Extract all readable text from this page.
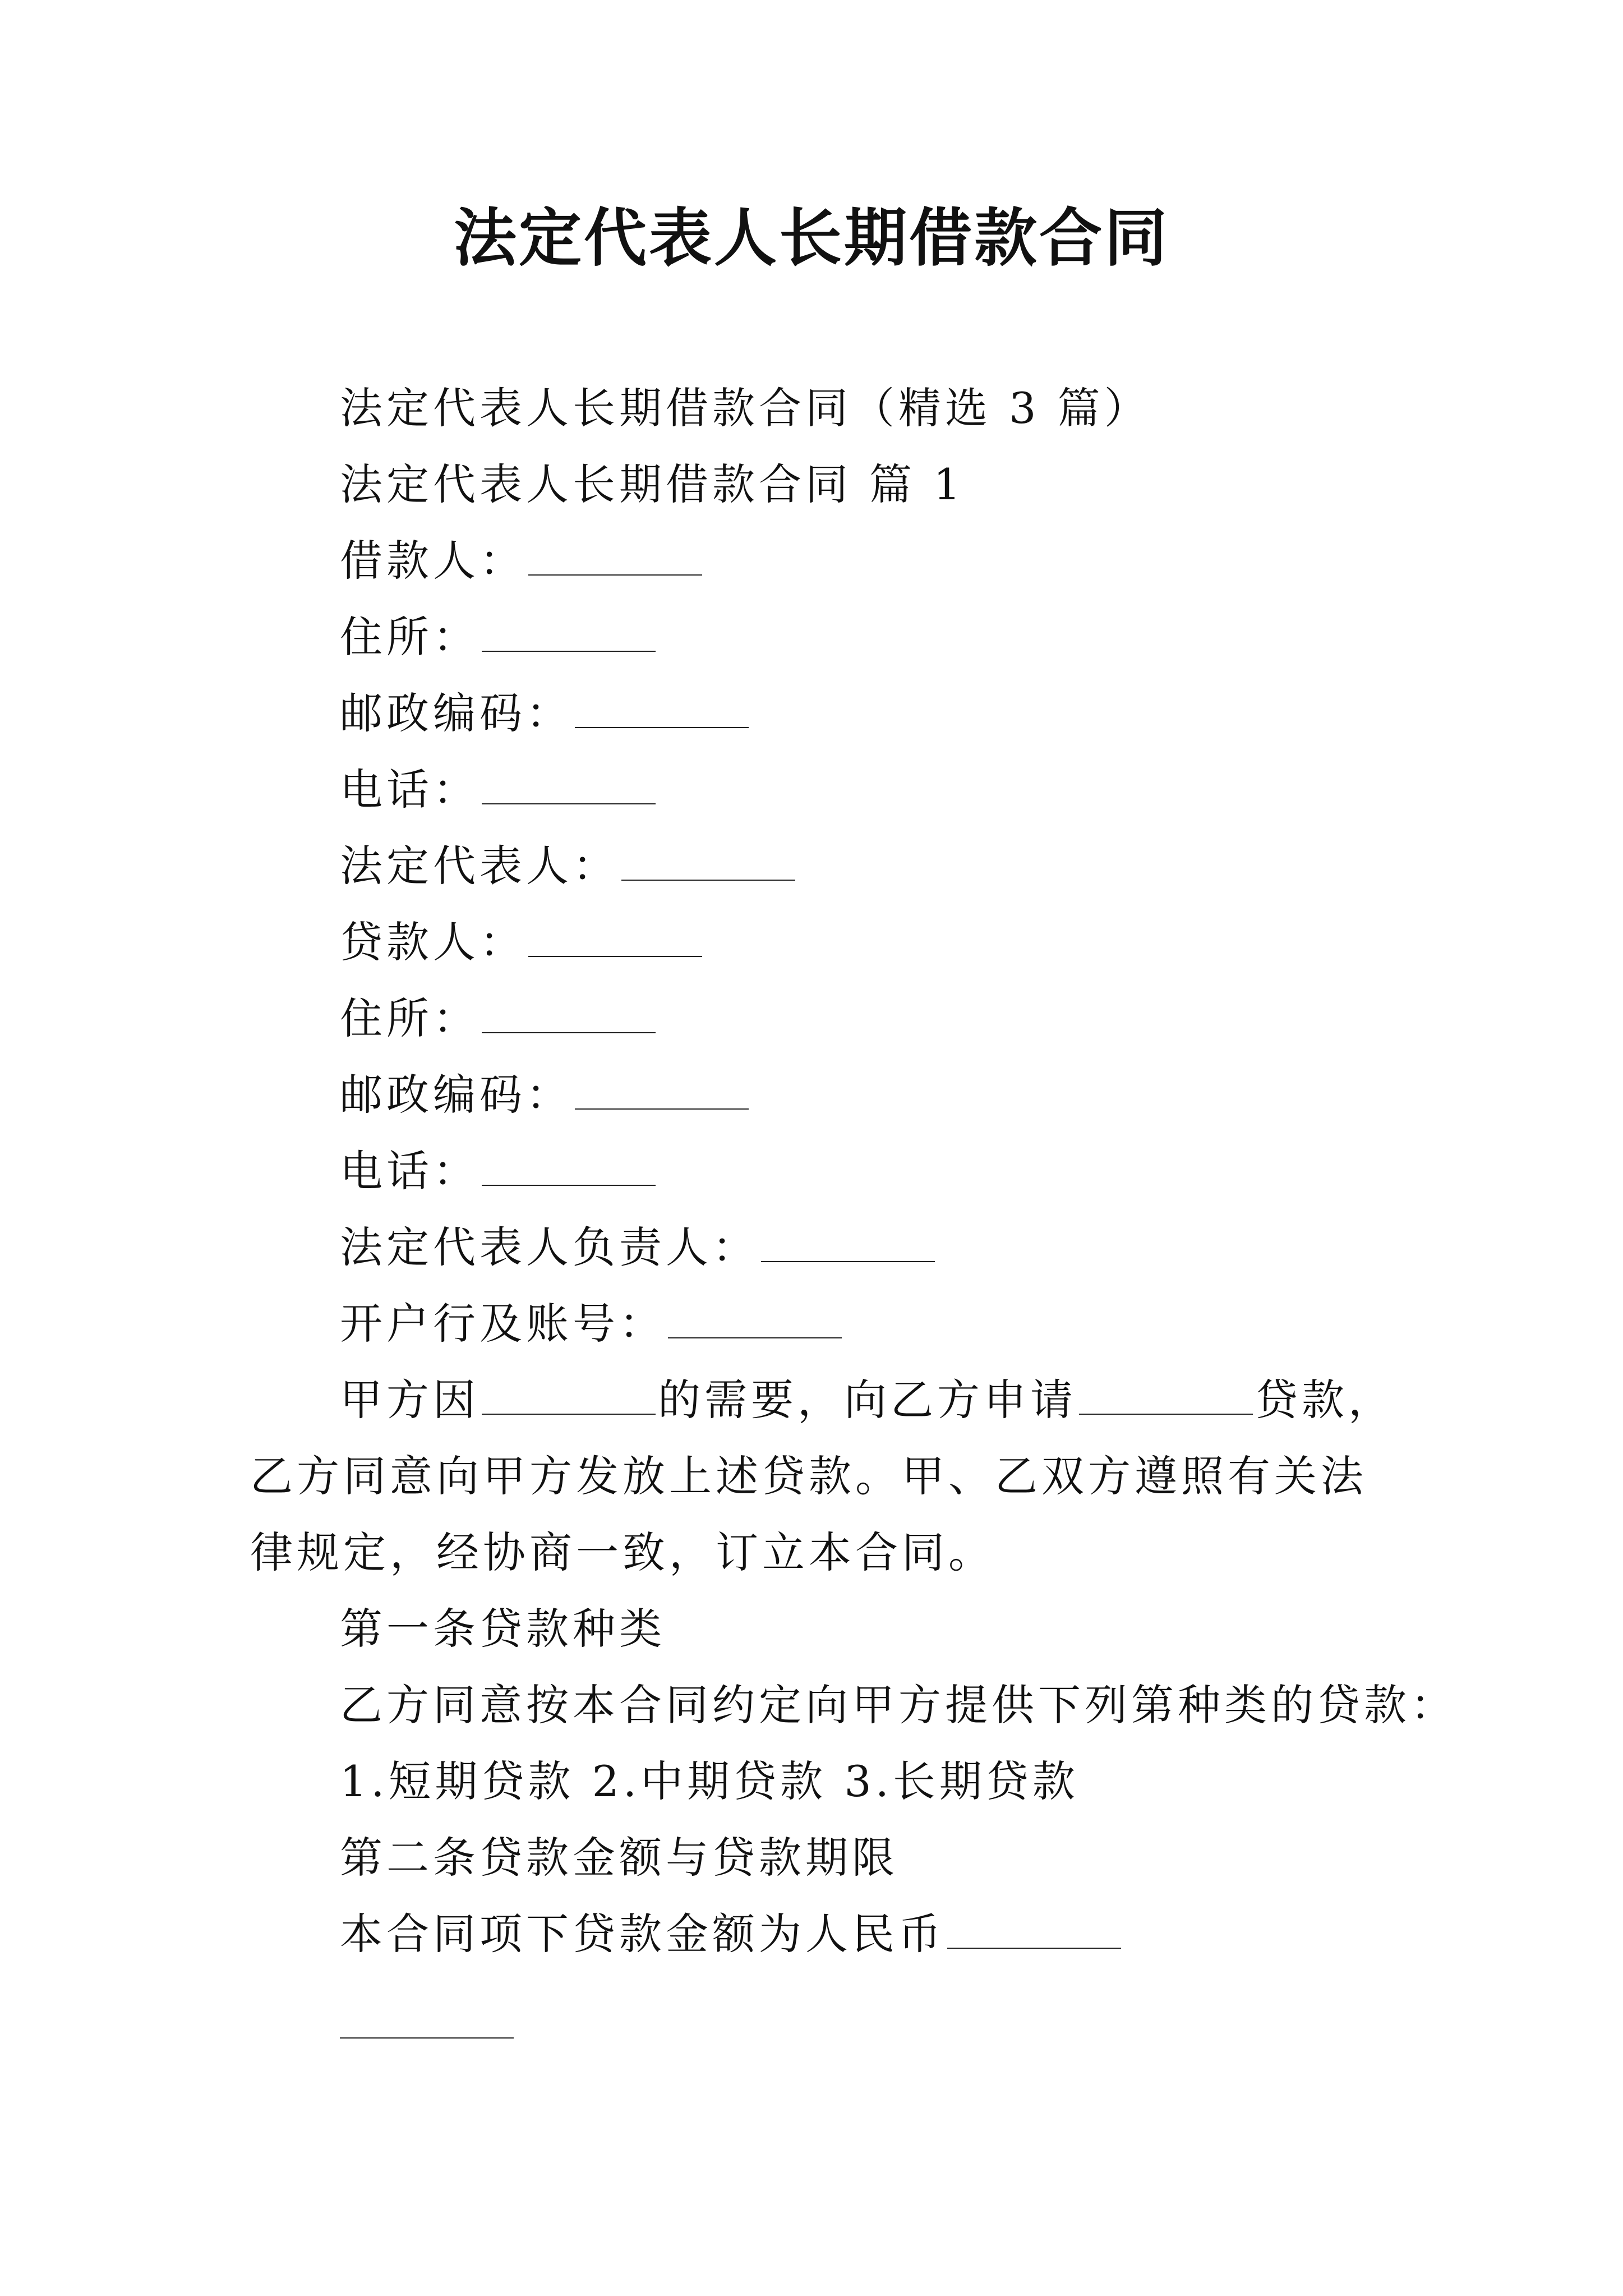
法定代表人长期借款合同
法定代表人长期借款合同（精选 3 篇）
法定代表人长期借款合同 篇 1
借款人：
住所：
邮政编码：
电话：
法定代表人：
贷款人：
住所：
邮政编码：
电话：
法定代表人负责人：
开户行及账号：
甲方因	的需要，向乙方申请	贷款，乙方同意向甲方发放上述贷款。甲、乙双方遵照有关法律规定，经协商一致，订立本合同。
第一条贷款种类
乙方同意按本合同约定向甲方提供下列第种类的贷款：
1.短期贷款 2.中期贷款 3.长期贷款
第二条贷款金额与贷款期限
本合同项下贷款金额为人民币
